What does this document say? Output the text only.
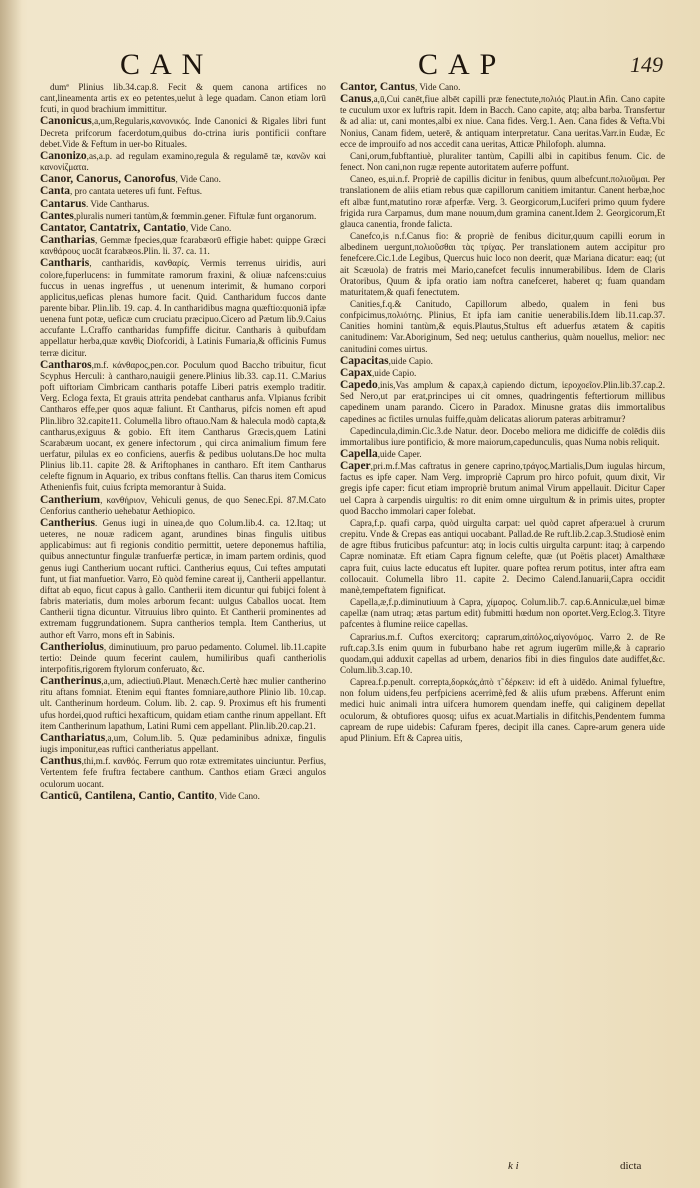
CAN	CAP	149

dumª Plinius lib.34.cap.8. Fecit & quem canona artifices no cant,lineamenta artis ex eo petentes,uelut à lege quadam. Canon etiam lorū fcuti, in quod brachium immittitur.

Canonicus,a,um,Regularis,κανονικός. Inde Canonici & Rigales libri funt Decreta prifcorum facerdotum,quibus do-ctrina iuris pontificii conftare debet.Vide & Feftum in uer-bo Rituales.

Canonizo,as,a.p. ad regulam examino,regula & regulamē tæ, κανῶν καὶ κανονίζματα.

Canor, Canorus, Canorofus, Vide Cano.

Canta, pro cantata ueteres ufi funt. Feftus.

Cantarus. Vide Cantharus.

Cantes,pluralis numeri tantùm,& fœmmin.gener. Fiftulæ funt organorum.

Cantator, Cantatrix, Cantatio, Vide Cano.

Cantharias, Gemmæ fpecies,quæ fcarabæorū effigie habet: quippe Græci κανθάρους uocāt fcarabæos.Plin. li. 37. ca. 11.

Cantharis, cantharidis, κανθαρίς. Vermis terrenus uiridis, auri colore,fuperlucens: in fummitate ramorum fraxini, & oliuæ nafcens:cuius fuccus in uenas ingreffus , ut uenenum interimit, & humano corpori applicitus,ueficas plenas humore facit. Quid. Cantharidum fuccos dante parente bibar. Plin.lib. 19. cap. 4. In cantharidibus magna quæftio:quoniā ipfæ uenena funt potæ, ueficæ cum cruciatu præcipuo.Cicero ad Pætum lib.9.Caius accufante L.Craffo cantharidas fumpfiffe dicitur. Cantharis à quibufdam appellatur herba,quæ κανθὶς Diofcoridi, à Latinis Fumaria,& officinis Fumus terræ dicitur.

Cantharos,m.f. κάνθαρος,pen.cor. Poculum quod Baccho tribuitur, ficut Scyphus Herculi: à cantharo,nauigii genere.Plinius lib.33. cap.11. C.Marius poft uiftoriam Cimbricam cantharis potaffe Liberi patris exemplo traditir. Verg. Ecloga fexta, Et grauis attrita pendebat cantharus anfa. Vlpianus fcribit Cantharos effe,per quos aquæ faliunt. Et Cantharus, pifcis nomen eft apud Plin.libro 32.capite11. Columella libro oftauo.Nam & halecula modò capta,& cantharus,exiguus & gobio. Eft item Cantharus Græcis,quem Latini Scarabæum uocant, ex genere infectorum , qui circa animalium fimum fere uerfatur, pilulas ex eo conficiens, auerfis & pedibus uolutans.De hoc multa Plinius lib.11. capite 28. & Ariftophanes in cantharo. Eft item Cantharus celefte fignum in Aquario, ex tribus conftans ftellis. Can tharus item Comicus Athenienfis fuit, cuius fcripta memorantur à Suida.

Cantherium, κανθήριον, Vehiculi genus, de quo Senec.Epi. 87.M.Cato Cenforius cantherio uehebatur Aethiopico.

Cantherius. Genus iugi in uinea,de quo Colum.lib.4. ca. 12.Itaq; ut ueteres, ne nouæ radicem agant, arundines binas fingulis uitibus applicabimus: aut fi regionis conditio permittit, uetere deponemus haftilia, quibus annectuntur fingulæ tranfuerfæ perticæ, in imam partem ordinis, quod genus iugi Cantherium uocant ruftici. Cantherius equus, Cui teftes amputati funt, ut fiat manfuetior. Varro, Eò quòd femine careat ij, Cantherii appellantur. diftat ab equo, ficut capus à gallo. Cantherii item dicuntur qui fubijci folent à fabris materiatis, dum moles arborum fecant: uulgus Caballos uocat. Item Cantherii tigna dicuntur. Vitruuius libro quinto. Et Cantherii prominentes ad extremam fuggrundationem. Supra cantherios templa. Item Cantherius, ut author eft Varro, mons eft in Sabinis.

Cantheriolus, diminutiuum, pro paruo pedamento. Columel. lib.11.capite tertio: Deinde quum fecerint caulem, humiliribus quafi cantheriolis interpofitis,rigorem ftylorum conferuato, &c.

Cantherinus,a,um, adiectiuū.Plaut. Menæch.Certè hæc mulier cantherino ritu aftans fomniat. Etenim equi ftantes fomniare,authore Plinio lib. 10.cap. ult. Cantherinum hordeum. Colum. lib. 2. cap. 9. Proximus eft his frumenti ufus hordei,quod ruftici hexafticum, quidam etiam canthe rinum appellant. Eft item Cantherinum lapathum, Latini Rumi cem appellant. Plin.lib.20.cap.21.

Canthariatus,a,um, Colum.lib. 5. Quæ pedaminibus adnixæ, fingulis iugis imponitur,eas ruftici cantheriatus appellant.

Canthus,thi,m.f. κανθός. Ferrum quo rotæ extremitates uinciuntur. Perfius, Vertentem fefe fruftra fectabere canthum. Canthos etiam Græci angulos oculorum uocant.

Canticū, Cantilena, Cantio, Cantito, Vide Cano.

Cantor, Cantus, Vide Cano.

Canus,a,ū,Cui canēt,fiue albēt capilli præ fenectute,πολιός Plaut.in Afin. Cano capite te cuculum uxor ex luftris rapit. Idem in Bacch. Cano capite, atq; alba barba. Transfertur & ad alia: ut, cani montes,albi ex niue. Cana fides. Verg.1. Aen. Cana fides & Vefta.Vbi Nonius, Canam fidem, ueterē, & antiquam interpretatur. Cana ueritas.Varr.in Eudæ, Ec ecce de improuifo ad nos accedit cana ueritas, Atticæ Philofoph. alumna.

Cani,orum,fubftantiuè, pluraliter tantùm, Capilli albi in capitibus fenum. Cic. de fenect. Non cani,non rugæ repente autoritatem auferre poffunt.

Caneo, es,ui.n.f. Propriè de capillis dicitur in fenibus, quum albefcunt.πολιοῦμαι. Per translationem de aliis etiam rebus quæ capillorum canitiem imitantur. Canent herbæ,hoc eft albæ funt,matutino roræ afperfæ. Verg. 3. Georgicorum,Luciferi primo quum fydere frigida rura Carpamus, dum mane nouum,dum gramina canent.Idem 2. Georgicorum,Et glauca canentia, fronde falicta.

Canefco,is n.f.Canus fio: & propriè de fenibus dicitur,quum capilli eorum in albedinem uergunt,πολιοῦσθαι τὰς τρίχας. Per translationem autem accipitur pro fenefcere.Cic.1.de Legibus, Quercus huic loco non deerit, quæ Mariana dicatur: eaq; (ut ait Scæuola) de fratris mei Mario,canefcet feculis innumerabilibus. Idem de Claris Oratoribus, Quum & ipfa oratio iam noftra canefceret, haberet q; fuam quandam maturitatem,& quafi fenectutem.

Canities,f.q.& Canitudo, Capillorum albedo, qualem in feni bus confpicimus,πολιότης. Plinius, Et ipfa iam canitie uenerabilis.Idem lib.11.cap.37. Canities homini tantùm,& equis.Plautus,Stultus eft aduerfus ætatem & capitis canitudinem: Var.Aboriginum, Sed neq; uetulus cantherius, quàm nouellus, melior: nec canitudini comes uirtus.

Capacitas,uide Capio.

Capax,uide Capio.

Capedo,inis,Vas amplum & capax,à capiendo dictum, ἱεροχοεῖον.Plin.lib.37.cap.2. Sed Nero,ut par erat,principes ui cit omnes, quadringentis feftertiorum millibus capedinem unam parando. Cicero in Paradox. Minusne gratas diis immortalibus capedines ac fictiles urnulas fuiffe,quàm delicatas aliorum pateras arbitramur?

Capedincula,dimin.Cic.3.de Natur. deor. Docebo meliora me didiciffe de colēdis diis immortalibus iure pontificio, & more maiorum,capedunculis, quas Numa nobis reliquit.

Capella,uide Caper.

Caper,pri.m.f.Mas caftratus in genere caprino,τράγος.Martialis,Dum iugulas hircum, factus es ipfe caper. Nam Verg. impropriè Caprum pro hirco pofuit, quum dixit, Vir gregis ipfe caper: ficut etiam impropriè brutum animal Virum appellauit. Dicitur Caper uel Capra à carpendis uirgultis: ro dit enim omne uirgultum & in primis uites, propter quod Baccho immolari caper folebat.

Capra,f.p. quafi carpa, quòd uirgulta carpat: uel quòd capret afpera:uel à crurum crepitu. Vnde & Crepas eas antiqui uocabant. Pallad.de Re ruft.lib.2.cap.3.Studiosè enim de agre ftibus fruticibus pafcuntur: atq; in locis cultis uirgulta carpunt: itaq; à carpendo Capræ nominatæ. Eft etiam Capra fignum celefte, quæ (ut Poëtis placet) Amalthææ capra fuit, cuius lacte educatus eft Iupiter. quare poftea rerum potitus, inter aftra eam collocauit. Columella libro 11. capite 2. Decimo Calend.Ianuarii,Capra occidit manè,tempeftatem fignificat.

Capella,æ,f.p.diminutiuum à Capra, χίμαρος. Colum.lib.7. cap.6.Anniculæ,uel bimæ capellæ (nam utraq; ætas partum edit) fubmitti hœdum non oportet.Verg.Eclog.3. Tityre pafcentes à flumine reiice capellas.

Caprarius.m.f. Cuftos exercitorq; caprarum,αἰπόλος,αἰγονόμος. Varro 2. de Re ruft.cap.3.Is enim quum in fuburbano habe ret agrum iugerūm mille,& à caprario quodam,qui adduxit capellas ad urbem, denarios fibi in dies fingulos date audiffet,&c. Colum.lib.3.cap.10.

Caprea.f.p.penult. correpta,δορκάς,ἀπὸ τ̃ δέρκειν: id eft à uidēdo. Animal fylueftre, non folum uidens,feu perfpiciens acerrimè,fed & aliis ufum præbens. Afferunt enim medici huic animali intra uifcera humorem quendam ineffe, qui caliginem depellat oculorum, & obtufiores quosq; uifus ex acuat.Martialis in difitchis,Pendentem fumma capream de rupe uidebis: Cafuram fperes, decipit illa canes. Capre-arum genera uide apud Plinium. Eft & Caprea uitis,

k i	dicta
